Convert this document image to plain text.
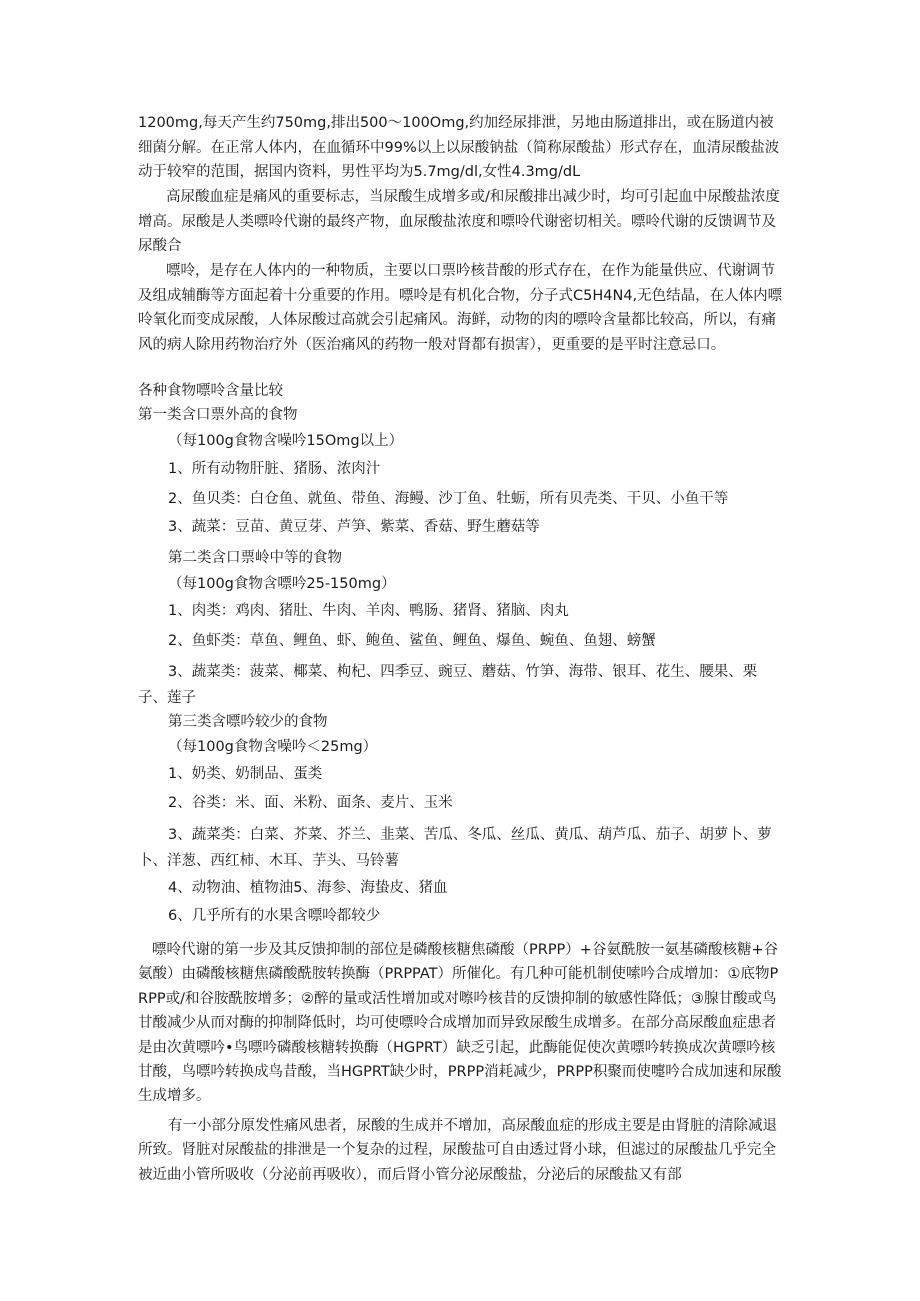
1200mg,每天产生约750mg,排出500～100Omg,约加经尿排泄，另地由肠道排出，或在肠道内被细菌分解。在正常人体内，在血循环中99%以上以尿酸钠盐（简称尿酸盐）形式存在，血清尿酸盐波动于较窄的范围，据国内资料，男性平均为5.7mg∕dl,女性4.3mg∕dL

高尿酸血症是痛风的重要标志，当尿酸生成增多或/和尿酸排出减少时，均可引起血中尿酸盐浓度增高。尿酸是人类嘌呤代谢的最终产物，血尿酸盐浓度和嘌呤代谢密切相关。嘌呤代谢的反馈调节及尿酸合

嘌呤，是存在人体内的一种物质，主要以口票吟核昔酸的形式存在，在作为能量供应、代谢调节及组成辅酶等方面起着十分重要的作用。嘌呤是有机化合物，分子式C5H4N4,无色结晶，在人体内嘌呤氧化而变成尿酸，人体尿酸过高就会引起痛风。海鲜，动物的肉的嘌呤含量都比较高，所以，有痛风的病人除用药物治疗外（医治痛风的药物一般对肾都有损害），更重要的是平时注意忌口。

各种食物嘌呤含量比较

第一类含口票外高的食物

（每100g食物含噪吟15Omg以上）

1、所有动物肝脏、猪肠、浓肉汁

2、鱼贝类：白仓鱼、就鱼、带鱼、海鳗、沙丁鱼、牡蛎，所有贝壳类、干贝、小鱼干等

3、蔬菜：豆苗、黄豆芽、芦笋、紫菜、香菇、野生蘑菇等

第二类含口票岭中等的食物

（每100g食物含嘌吟25-150mg）

1、肉类：鸡肉、猪肚、牛肉、羊肉、鸭肠、猪肾、猪脑、肉丸

2、鱼虾类：草鱼、鲤鱼、虾、鲍鱼、鲨鱼、鲤鱼、爆鱼、蜿鱼、鱼翅、螃蟹

3、蔬菜类：菠菜、椰菜、枸杞、四季豆、豌豆、蘑菇、竹笋、海带、银耳、花生、腰果、栗子、莲子

第三类含嘌吟较少的食物

（每100g食物含噪吟＜25mg）

1、奶类、奶制品、蛋类

2、谷类：米、面、米粉、面条、麦片、玉米

3、蔬菜类：白菜、芥菜、芥兰、韭菜、苦瓜、冬瓜、丝瓜、黄瓜、葫芦瓜、茄子、胡萝卜、萝卜、洋葱、西红柿、木耳、芋头、马铃薯

4、动物油、植物油5、海参、海蛰皮、猪血

6、几乎所有的水果含嘌呤都较少

嘌呤代谢的第一步及其反馈抑制的部位是磷酸核糖焦磷酸（PRPP）+谷氨酰胺一氨基磷酸核糖+谷氨酸）由磷酸核糖焦磷酸酰胺转换酶（PRPPAT）所催化。有几种可能机制使嗦吟合成增加：①底物PRPP或/和谷胺酰胺增多；②醉的量或活性增加或对嚓吟核昔的反馈抑制的敏感性降低；③腺甘酸或鸟甘酸减少从而对酶的抑制降低时，均可使嘌呤合成增加而异致尿酸生成增多。在部分高尿酸血症患者是由次黄嘌吟•鸟嘌吟磷酸核糖转换酶（HGPRT）缺乏引起，此酶能促使次黄嘌吟转换成次黄嘌吟核甘酸，鸟嘌吟转换成鸟昔酸，当HGPRT缺少时，PRPP消耗减少，PRPP积聚而使嚏吟合成加速和尿酸生成增多。

有一小部分原发性痛风患者，尿酸的生成并不增加，高尿酸血症的形成主要是由肾脏的清除减退所致。肾脏对尿酸盐的排泄是一个复杂的过程，尿酸盐可自由透过肾小球，但滤过的尿酸盐几乎完全被近曲小管所吸收（分泌前再吸收），而后肾小管分泌尿酸盐，分泌后的尿酸盐又有部
